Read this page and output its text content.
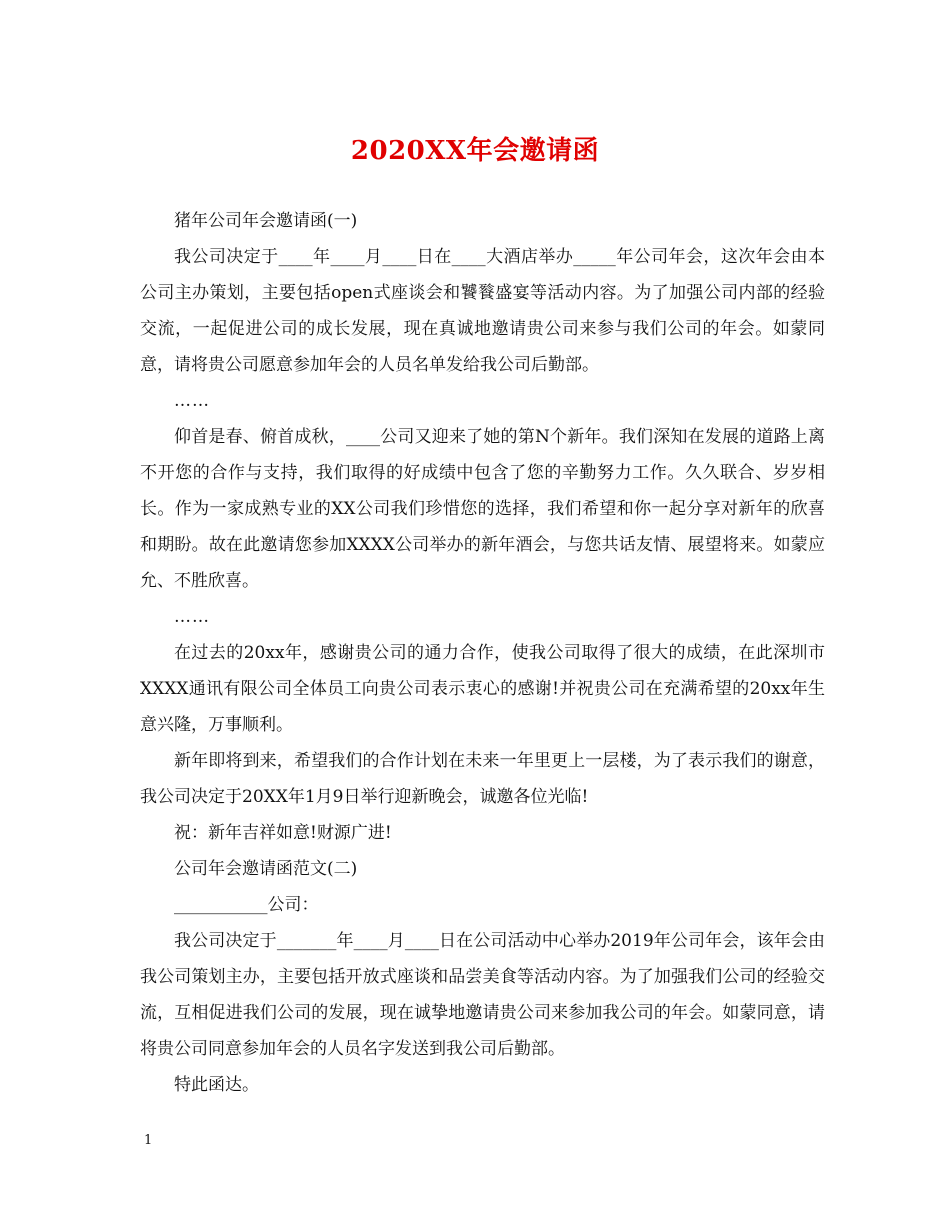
2020XX年会邀请函

猪年公司年会邀请函(一)

我公司决定于____年____月____日在____大酒店举办_____年公司年会，这次年会由本公司主办策划，主要包括open式座谈会和饕餮盛宴等活动内容。为了加强公司内部的经验交流，一起促进公司的成长发展，现在真诚地邀请贵公司来参与我们公司的年会。如蒙同意，请将贵公司愿意参加年会的人员名单发给我公司后勤部。

……

仰首是春、俯首成秋，____公司又迎来了她的第N个新年。我们深知在发展的道路上离不开您的合作与支持，我们取得的好成绩中包含了您的辛勤努力工作。久久联合、岁岁相长。作为一家成熟专业的XX公司我们珍惜您的选择，我们希望和你一起分享对新年的欣喜和期盼。故在此邀请您参加XXXX公司举办的新年酒会，与您共话友情、展望将来。如蒙应允、不胜欣喜。

……

在过去的20xx年，感谢贵公司的通力合作，使我公司取得了很大的成绩，在此深圳市XXXX通讯有限公司全体员工向贵公司表示衷心的感谢!并祝贵公司在充满希望的20xx年生意兴隆，万事顺利。

新年即将到来，希望我们的合作计划在未来一年里更上一层楼，为了表示我们的谢意，我公司决定于20XX年1月9日举行迎新晚会，诚邀各位光临!

祝：新年吉祥如意!财源广进!

公司年会邀请函范文(二)

___________公司：

我公司决定于_______年____月____日在公司活动中心举办2019年公司年会，该年会由我公司策划主办，主要包括开放式座谈和品尝美食等活动内容。为了加强我们公司的经验交流，互相促进我们公司的发展，现在诚挚地邀请贵公司来参加我公司的年会。如蒙同意，请将贵公司同意参加年会的人员名字发送到我公司后勤部。

特此函达。

1
